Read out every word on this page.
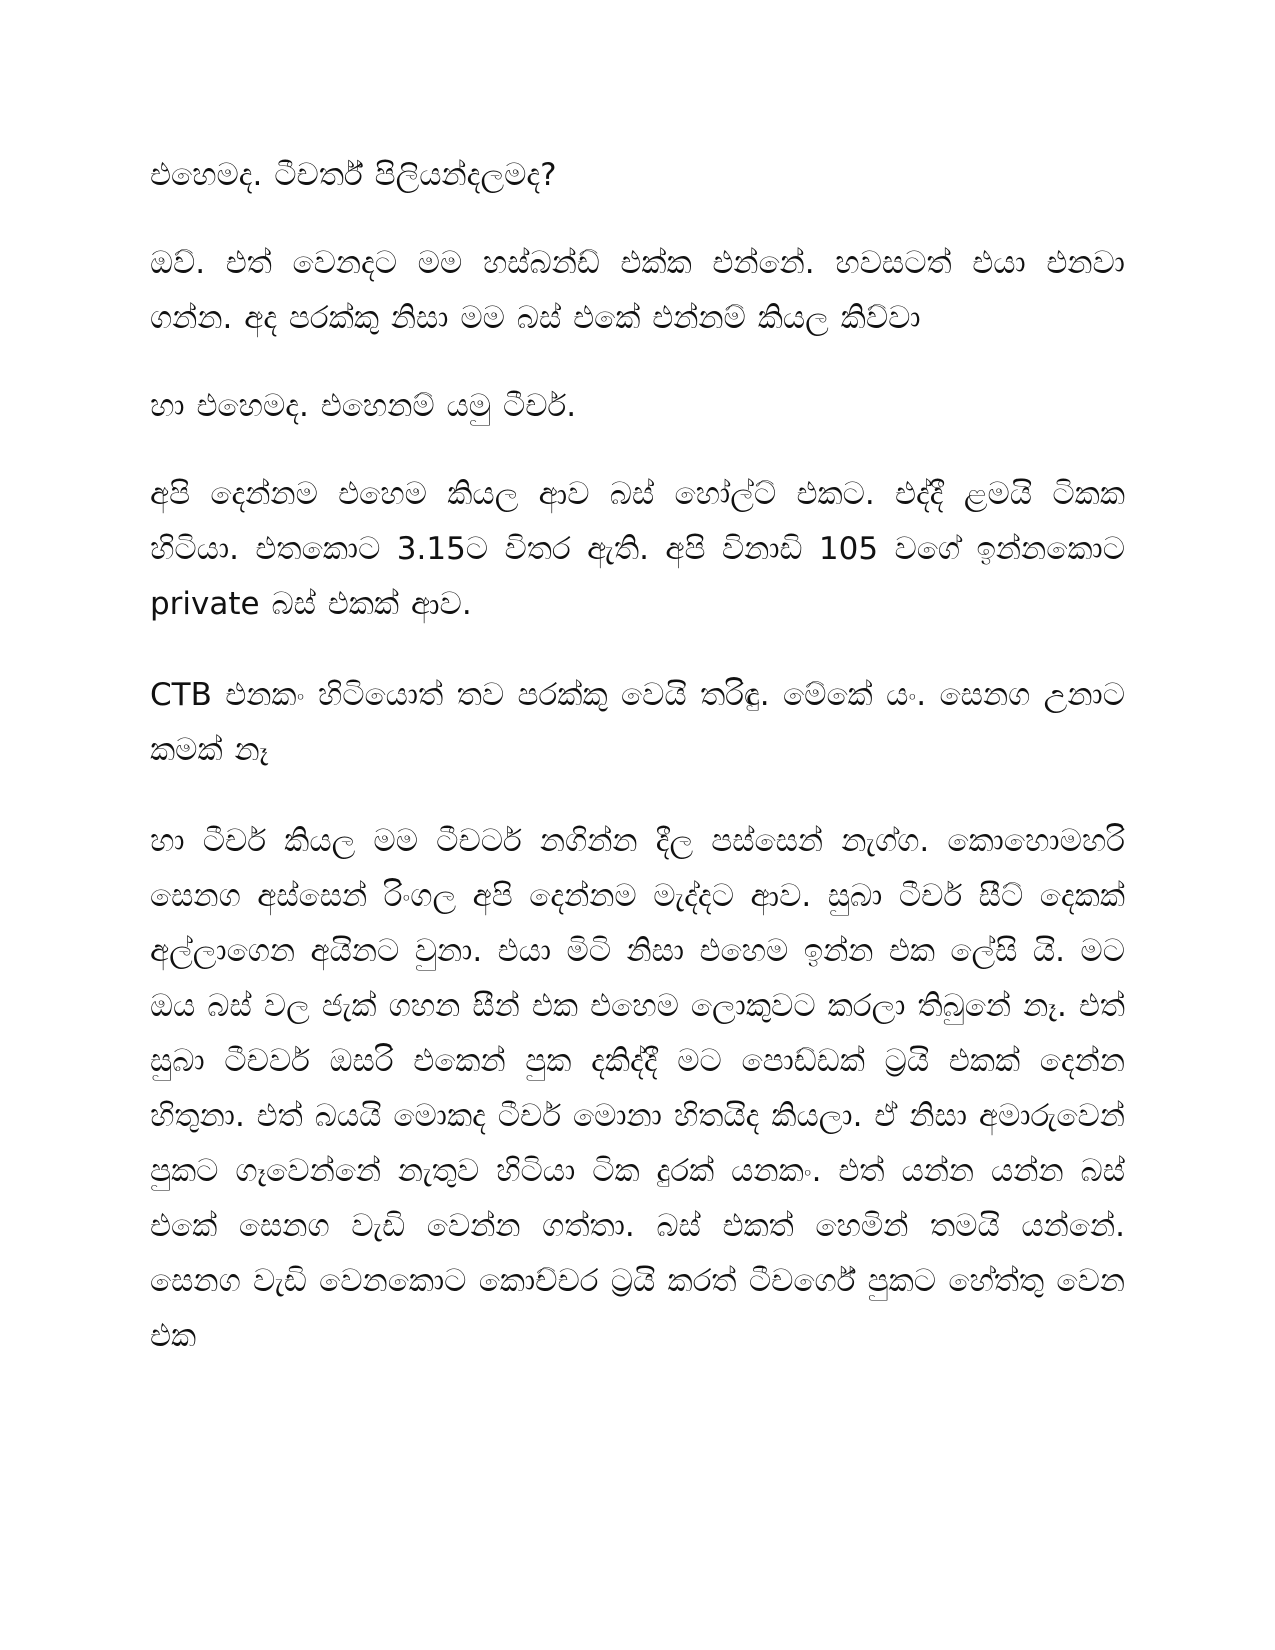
එහෙමද. ටීචර්ත් පිලියන්දලමද?

ඔව්. එත් වෙනදට මම හස්බන්ඩ් එක්ක එන්නේ. හවසටත් එයා එනවා ගන්න. අද පරක්කු නිසා මම බස් එකේ එන්නම් කියල කිව්වා

හා එහෙමද. එහෙනම් යමු ටීචර්.

අපි දෙන්නම එහෙම කියල ආව බස් හෝල්ට් එකට. එද්දී ළමයි ටිකක හිටියා. එතකොට 3.15ට විතර ඇති. අපි විනාඩි 105 වගේ ඉන්නකොට private බස් එකක් ආව.

CTB එනකං හිටියොත් තව පරක්කු වෙයි තරිඳු. මේකේ යං. සෙනග උනාට කමක් නෑ

හා ටීචර් කියල මම ටීචර්ට නගින්න දීල පස්සෙන් නැග්ග. කොහොමහරි සෙනග අස්සෙන් රිංගල අපි දෙන්නම මැද්දට ආව. සුබා ටීචර් සීට් දෙකක් අල්ලාගෙන අයිනට වුනා. එයා මිටි නිසා එහෙම ඉන්න එක ලේසි යි. මට ඔය බස් වල ජැක් ගහන සීන් එක එහෙම ලොකුවට කරලා තිබුනේ නෑ. එත් සුබා ටීචර්ව ඔසරි එකෙන් පුක දකිද්දී මට පොඩ්ඩක් ට්‍රයි එකක් දෙන්න හිතුනා. එත් බයයි මොකද ටීචර් මොනා හිතයිද කියලා. ඒ නිසා අමාරුවෙන් පුකට ගෑවෙන්නේ නැතුව හිටියා ටික දුරක් යනකං. එත් යන්න යන්න බස් එකේ සෙනග වැඩි වෙන්න ගත්තා. බස් එකත් හෙමින් තමයි යන්නේ. සෙනග වැඩි වෙනකොට කොච්චර ට්‍රයි කරත් ටීචර්ගේ පුකට හේත්තු වෙන එක
